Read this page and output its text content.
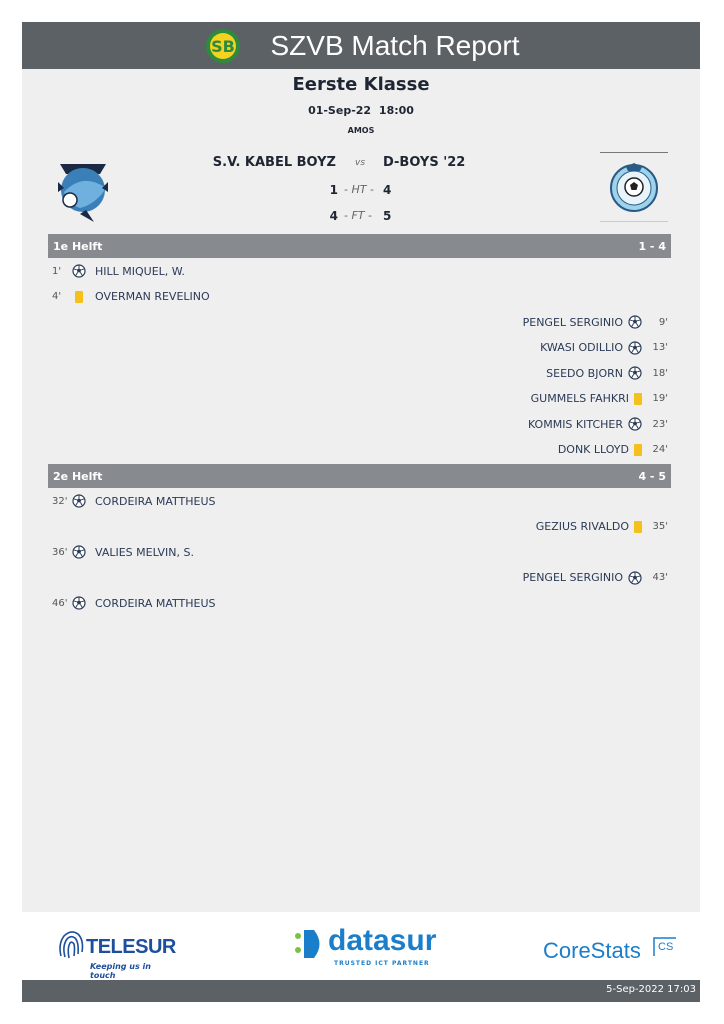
SB SZVB Match Report
Eerste Klasse
01-Sep-22 18:00
AMOS
S.V. KABEL BOYZ vs D-BOYS '22
1 - HT - 4
4 - FT - 5
1e Helft	1 - 4
1'	HILL MIQUEL, W.
4'	OVERMAN REVELINO
PENGEL SERGINIO	9'
KWASI ODILLIO	13'
SEEDO BJORN	18'
GUMMELS FAHKRI	19'
KOMMIS KITCHER	23'
DONK LLOYD	24'
2e Helft	4 - 5
32'	CORDEIRA MATTHEUS
GEZIUS RIVALDO	35'
36'	VALIES MELVIN, S.
PENGEL SERGINIO	43'
46'	CORDEIRA MATTHEUS
TELESUR
Keeping us in touch
datasur
TRUSTED ICT PARTNER
CoreStats CS
5-Sep-2022 17:03
